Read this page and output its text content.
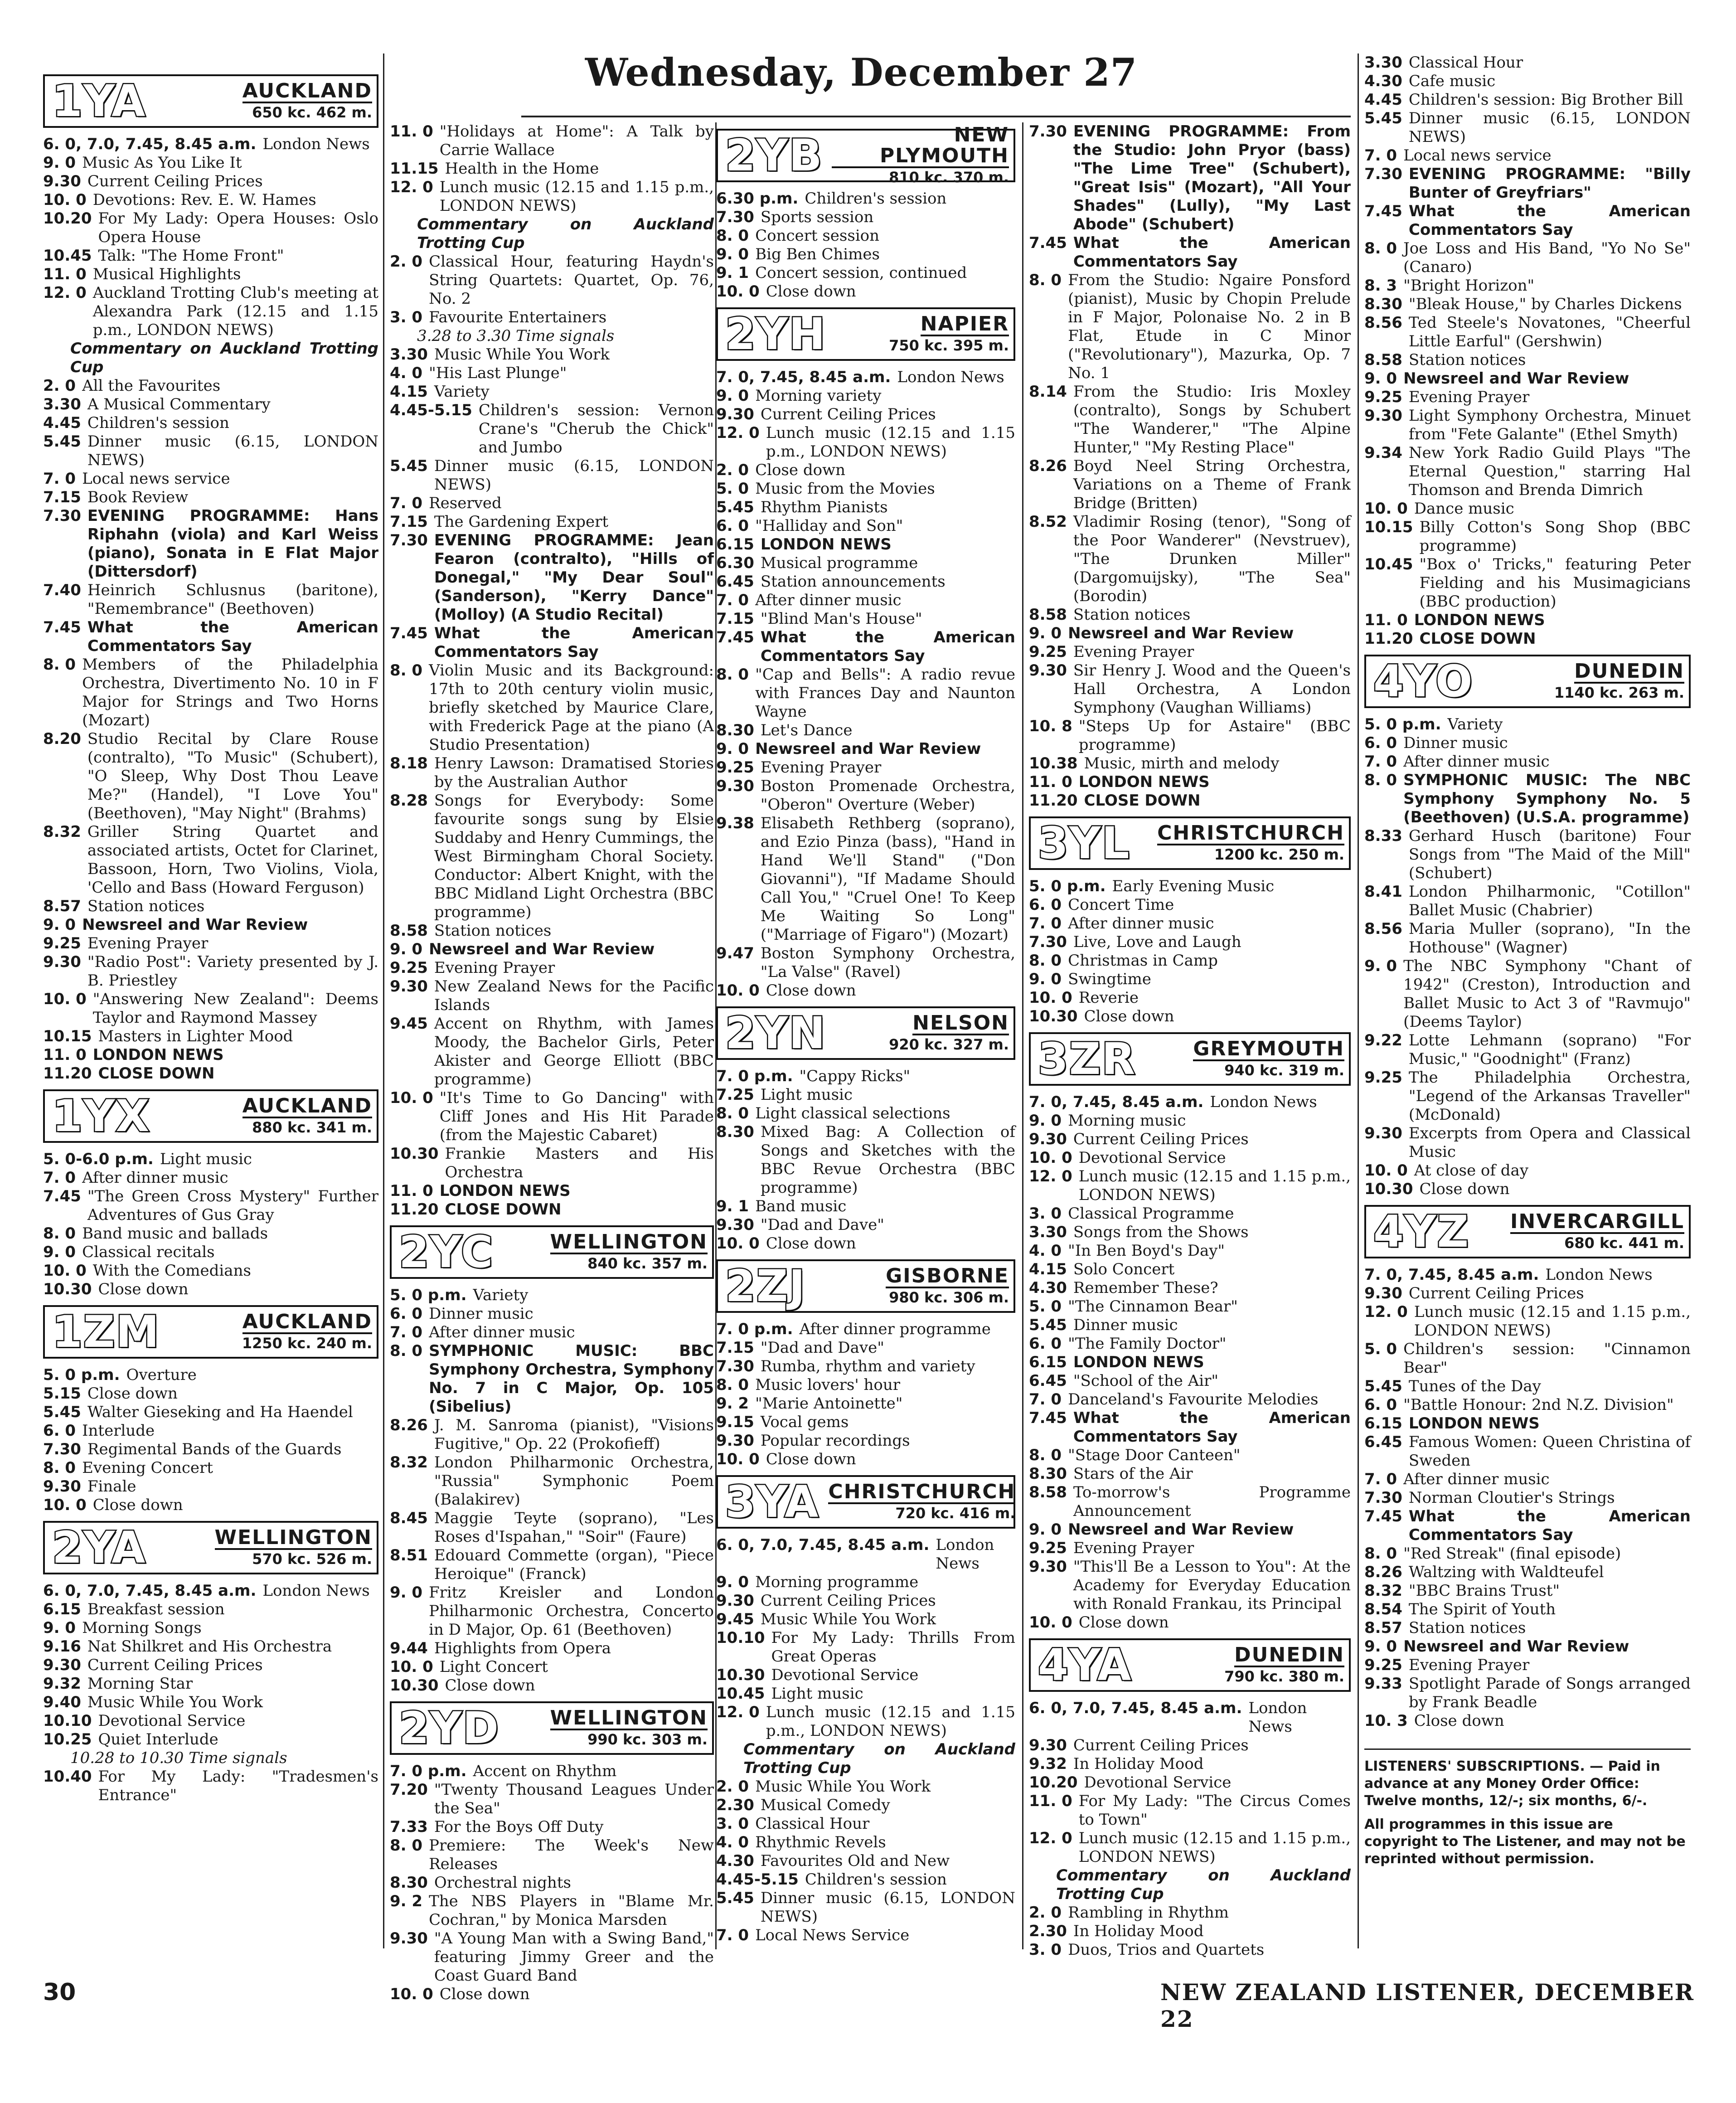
Wednesday, December 27
1YA	AUCKLAND

650 kc. 462 m.
6. 0, 7.0, 7.45, 8.45 a.m. London News
9. 0 Music As You Like It
9.30 Current Ceiling Prices
10. 0 Devotions: Rev. E. W. Hames
10.20 For My Lady: Opera Houses: Oslo Opera House
10.45 Talk: "The Home Front"
11. 0 Musical Highlights
12. 0 Auckland Trotting Club's meeting at Alexandra Park (12.15 and 1.15 p.m., LONDON NEWS)
Commentary on Auckland Trotting Cup
2. 0 All the Favourites
3.30 A Musical Commentary
4.45 Children's session
5.45 Dinner music (6.15, LONDON NEWS)
7. 0 Local news service
7.15 Book Review
7.30 EVENING PROGRAMME: Hans Riphahn (viola) and Karl Weiss (piano), Sonata in E Flat Major (Dittersdorf)
7.40 Heinrich Schlusnus (baritone), "Remembrance" (Beethoven)
7.45 What the American Commentators Say
8. 0 Members of the Philadelphia Orchestra, Divertimento No. 10 in F Major for Strings and Two Horns (Mozart)
8.20 Studio Recital by Clare Rouse (contralto), "To Music" (Schubert), "O Sleep, Why Dost Thou Leave Me?" (Handel), "I Love You" (Beethoven), "May Night" (Brahms)
8.32 Griller String Quartet and associated artists, Octet for Clarinet, Bassoon, Horn, Two Violins, Viola, 'Cello and Bass (Howard Ferguson)
8.57 Station notices
9. 0 Newsreel and War Review
9.25 Evening Prayer
9.30 "Radio Post": Variety presented by J. B. Priestley
10. 0 "Answering New Zealand": Deems Taylor and Raymond Massey
10.15 Masters in Lighter Mood
11. 0 LONDON NEWS
11.20 CLOSE DOWN
1YX	AUCKLAND

880 kc. 341 m.
5. 0-6.0 p.m. Light music
7. 0 After dinner music
7.45 "The Green Cross Mystery" Further Adventures of Gus Gray
8. 0 Band music and ballads
9. 0 Classical recitals
10. 0 With the Comedians
10.30 Close down
1ZM	AUCKLAND

1250 kc. 240 m.
5. 0 p.m. Overture
5.15 Close down
5.45 Walter Gieseking and Ha Haendel
6. 0 Interlude
7.30 Regimental Bands of the Guards
8. 0 Evening Concert
9.30 Finale
10. 0 Close down
2YA	WELLINGTON

570 kc. 526 m.
6. 0, 7.0, 7.45, 8.45 a.m. London News
6.15 Breakfast session
9. 0 Morning Songs
9.16 Nat Shilkret and His Orchestra
9.30 Current Ceiling Prices
9.32 Morning Star
9.40 Music While You Work
10.10 Devotional Service
10.25 Quiet Interlude
10.28 to 10.30 Time signals
10.40 For My Lady: "Tradesmen's Entrance"
11. 0 "Holidays at Home": A Talk by Carrie Wallace
11.15 Health in the Home
12. 0 Lunch music (12.15 and 1.15 p.m., LONDON NEWS)
Commentary on Auckland Trotting Cup
2. 0 Classical Hour, featuring Haydn's String Quartets: Quartet, Op. 76, No. 2
3. 0 Favourite Entertainers
3.28 to 3.30 Time signals
3.30 Music While You Work
4. 0 "His Last Plunge"
4.15 Variety
4.45-5.15 Children's session: Vernon Crane's "Cherub the Chick" and Jumbo
5.45 Dinner music (6.15, LONDON NEWS)
7. 0 Reserved
7.15 The Gardening Expert
7.30 EVENING PROGRAMME: Jean Fearon (contralto), "Hills of Donegal," "My Dear Soul" (Sanderson), "Kerry Dance" (Molloy) (A Studio Recital)
7.45 What the American Commentators Say
8. 0 Violin Music and its Background: 17th to 20th century violin music, briefly sketched by Maurice Clare, with Frederick Page at the piano (A Studio Presentation)
8.18 Henry Lawson: Dramatised Stories by the Australian Author
8.28 Songs for Everybody: Some favourite songs sung by Elsie Suddaby and Henry Cummings, the West Birmingham Choral Society. Conductor: Albert Knight, with the BBC Midland Light Orchestra (BBC programme)
8.58 Station notices
9. 0 Newsreel and War Review
9.25 Evening Prayer
9.30 New Zealand News for the Pacific Islands
9.45 Accent on Rhythm, with James Moody, the Bachelor Girls, Peter Akister and George Elliott (BBC programme)
10. 0 "It's Time to Go Dancing" with Cliff Jones and His Hit Parade (from the Majestic Cabaret)
10.30 Frankie Masters and His Orchestra
11. 0 LONDON NEWS
11.20 CLOSE DOWN
2YC	WELLINGTON

840 kc. 357 m.
5. 0 p.m. Variety
6. 0 Dinner music
7. 0 After dinner music
8. 0 SYMPHONIC MUSIC: BBC Symphony Orchestra, Symphony No. 7 in C Major, Op. 105 (Sibelius)
8.26 J. M. Sanroma (pianist), "Visions Fugitive," Op. 22 (Prokofieff)
8.32 London Philharmonic Orchestra, "Russia" Symphonic Poem (Balakirev)
8.45 Maggie Teyte (soprano), "Les Roses d'Ispahan," "Soir" (Faure)
8.51 Edouard Commette (organ), "Piece Heroique" (Franck)
9. 0 Fritz Kreisler and London Philharmonic Orchestra, Concerto in D Major, Op. 61 (Beethoven)
9.44 Highlights from Opera
10. 0 Light Concert
10.30 Close down
2YD	WELLINGTON

990 kc. 303 m.
7. 0 p.m. Accent on Rhythm
7.20 "Twenty Thousand Leagues Under the Sea"
7.33 For the Boys Off Duty
8. 0 Premiere: The Week's New Releases
8.30 Orchestral nights
9. 2 The NBS Players in "Blame Mr. Cochran," by Monica Marsden
9.30 "A Young Man with a Swing Band," featuring Jimmy Greer and the Coast Guard Band
10. 0 Close down
2YB	NEW PLYMOUTH

810 kc. 370 m.
6.30 p.m. Children's session
7.30 Sports session
8. 0 Concert session
9. 0 Big Ben Chimes
9. 1 Concert session, continued
10. 0 Close down
2YH	NAPIER

750 kc. 395 m.
7. 0, 7.45, 8.45 a.m. London News
9. 0 Morning variety
9.30 Current Ceiling Prices
12. 0 Lunch music (12.15 and 1.15 p.m., LONDON NEWS)
2. 0 Close down
5. 0 Music from the Movies
5.45 Rhythm Pianists
6. 0 "Halliday and Son"
6.15 LONDON NEWS
6.30 Musical programme
6.45 Station announcements
7. 0 After dinner music
7.15 "Blind Man's House"
7.45 What the American Commentators Say
8. 0 "Cap and Bells": A radio revue with Frances Day and Naunton Wayne
8.30 Let's Dance
9. 0 Newsreel and War Review
9.25 Evening Prayer
9.30 Boston Promenade Orchestra, "Oberon" Overture (Weber)
9.38 Elisabeth Rethberg (soprano), and Ezio Pinza (bass), "Hand in Hand We'll Stand" ("Don Giovanni"), "If Madame Should Call You," "Cruel One! To Keep Me Waiting So Long" ("Marriage of Figaro") (Mozart)
9.47 Boston Symphony Orchestra, "La Valse" (Ravel)
10. 0 Close down
2YN	NELSON

920 kc. 327 m.
7. 0 p.m. "Cappy Ricks"
7.25 Light music
8. 0 Light classical selections
8.30 Mixed Bag: A Collection of Songs and Sketches with the BBC Revue Orchestra (BBC programme)
9. 1 Band music
9.30 "Dad and Dave"
10. 0 Close down
2ZJ	GISBORNE

980 kc. 306 m.
7. 0 p.m. After dinner programme
7.15 "Dad and Dave"
7.30 Rumba, rhythm and variety
8. 0 Music lovers' hour
9. 2 "Marie Antoinette"
9.15 Vocal gems
9.30 Popular recordings
10. 0 Close down
3YA CHRISTCHURCH

720 kc. 416 m.
6. 0, 7.0, 7.45, 8.45 a.m. London News
9. 0 Morning programme
9.30 Current Ceiling Prices
9.45 Music While You Work
10.10 For My Lady: Thrills From Great Operas
10.30 Devotional Service
10.45 Light music
12. 0 Lunch music (12.15 and 1.15 p.m., LONDON NEWS)
Commentary on Auckland Trotting Cup
2. 0 Music While You Work
2.30 Musical Comedy
3. 0 Classical Hour
4. 0 Rhythmic Revels
4.30 Favourites Old and New
4.45-5.15 Children's session
5.45 Dinner music (6.15, LONDON NEWS)
7. 0 Local News Service
7.30 EVENING PROGRAMME: From the Studio: John Pryor (bass) "The Lime Tree" (Schubert), "Great Isis" (Mozart), "All Your Shades" (Lully), "My Last Abode" (Schubert)
7.45 What the American Commentators Say
8. 0 From the Studio: Ngaire Ponsford (pianist), Music by Chopin Prelude in F Major, Polonaise No. 2 in B Flat, Etude in C Minor ("Revolutionary"), Mazurka, Op. 7 No. 1
8.14 From the Studio: Iris Moxley (contralto), Songs by Schubert "The Wanderer," "The Alpine Hunter," "My Resting Place"
8.26 Boyd Neel String Orchestra, Variations on a Theme of Frank Bridge (Britten)
8.52 Vladimir Rosing (tenor), "Song of the Poor Wanderer" (Nevstruev), "The Drunken Miller" (Dargomuijsky), "The Sea" (Borodin)
8.58 Station notices
9. 0 Newsreel and War Review
9.25 Evening Prayer
9.30 Sir Henry J. Wood and the Queen's Hall Orchestra, A London Symphony (Vaughan Williams)
10. 8 "Steps Up for Astaire" (BBC programme)
10.38 Music, mirth and melody
11. 0 LONDON NEWS
11.20 CLOSE DOWN
3YL	CHRISTCHURCH

1200 kc. 250 m.
5. 0 p.m. Early Evening Music
6. 0 Concert Time
7. 0 After dinner music
7.30 Live, Love and Laugh
8. 0 Christmas in Camp
9. 0 Swingtime
10. 0 Reverie
10.30 Close down
3ZR	GREYMOUTH

940 kc. 319 m.
7. 0, 7.45, 8.45 a.m. London News
9. 0 Morning music
9.30 Current Ceiling Prices
10. 0 Devotional Service
12. 0 Lunch music (12.15 and 1.15 p.m., LONDON NEWS)
3. 0 Classical Programme
3.30 Songs from the Shows
4. 0 "In Ben Boyd's Day"
4.15 Solo Concert
4.30 Remember These?
5. 0 "The Cinnamon Bear"
5.45 Dinner music
6. 0 "The Family Doctor"
6.15 LONDON NEWS
6.45 "School of the Air"
7. 0 Danceland's Favourite Melodies
7.45 What the American Commentators Say
8. 0 "Stage Door Canteen"
8.30 Stars of the Air
8.58 To-morrow's Programme Announcement
9. 0 Newsreel and War Review
9.25 Evening Prayer
9.30 "This'll Be a Lesson to You": At the Academy for Everyday Education with Ronald Frankau, its Principal
10. 0 Close down
4YA	DUNEDIN

790 kc. 380 m.
6. 0, 7.0, 7.45, 8.45 a.m. London News
9.30 Current Ceiling Prices
9.32 In Holiday Mood
10.20 Devotional Service
11. 0 For My Lady: "The Circus Comes to Town"
12. 0 Lunch music (12.15 and 1.15 p.m., LONDON NEWS)
Commentary on Auckland Trotting Cup
2. 0 Rambling in Rhythm
2.30 In Holiday Mood
3. 0 Duos, Trios and Quartets
3.30 Classical Hour
4.30 Cafe music
4.45 Children's session: Big Brother Bill
5.45 Dinner music (6.15, LONDON NEWS)
7. 0 Local news service
7.30 EVENING PROGRAMME: "Billy Bunter of Greyfriars"
7.45 What the American Commentators Say
8. 0 Joe Loss and His Band, "Yo No Se" (Canaro)
8. 3 "Bright Horizon"
8.30 "Bleak House," by Charles Dickens
8.56 Ted Steele's Novatones, "Cheerful Little Earful" (Gershwin)
8.58 Station notices
9. 0 Newsreel and War Review
9.25 Evening Prayer
9.30 Light Symphony Orchestra, Minuet from "Fete Galante" (Ethel Smyth)
9.34 New York Radio Guild Plays "The Eternal Question," starring Hal Thomson and Brenda Dimrich
10. 0 Dance music
10.15 Billy Cotton's Song Shop (BBC programme)
10.45 "Box o' Tricks," featuring Peter Fielding and his Musimagicians (BBC production)
11. 0 LONDON NEWS
11.20 CLOSE DOWN
4YO	DUNEDIN

1140 kc. 263 m.
5. 0 p.m. Variety
6. 0 Dinner music
7. 0 After dinner music
8. 0 SYMPHONIC MUSIC: The NBC Symphony Symphony No. 5 (Beethoven) (U.S.A. programme)
8.33 Gerhard Husch (baritone) Four Songs from "The Maid of the Mill" (Schubert)
8.41 London Philharmonic, "Cotillon" Ballet Music (Chabrier)
8.56 Maria Muller (soprano), "In the Hothouse" (Wagner)
9. 0 The NBC Symphony "Chant of 1942" (Creston), Introduction and Ballet Music to Act 3 of "Ravmujo" (Deems Taylor)
9.22 Lotte Lehmann (soprano) "For Music," "Goodnight" (Franz)
9.25 The Philadelphia Orchestra, "Legend of the Arkansas Traveller" (McDonald)
9.30 Excerpts from Opera and Classical Music
10. 0 At close of day
10.30 Close down
4YZ	INVERCARGILL

680 kc. 441 m.
7. 0, 7.45, 8.45 a.m. London News
9.30 Current Ceiling Prices
12. 0 Lunch music (12.15 and 1.15 p.m., LONDON NEWS)
5. 0 Children's session: "Cinnamon Bear"
5.45 Tunes of the Day
6. 0 "Battle Honour: 2nd N.Z. Division"
6.15 LONDON NEWS
6.45 Famous Women: Queen Christina of Sweden
7. 0 After dinner music
7.30 Norman Cloutier's Strings
7.45 What the American Commentators Say
8. 0 "Red Streak" (final episode)
8.26 Waltzing with Waldteufel
8.32 "BBC Brains Trust"
8.54 The Spirit of Youth
8.57 Station notices
9. 0 Newsreel and War Review
9.25 Evening Prayer
9.33 Spotlight Parade of Songs arranged by Frank Beadle
10. 3 Close down
LISTENERS' SUBSCRIPTIONS. — Paid in advance at any Money Order Office: Twelve months, 12/-; six months, 6/-.
All programmes in this issue are copyright to The Listener, and may not be reprinted without permission.
30	NEW ZEALAND LISTENER, DECEMBER 22
